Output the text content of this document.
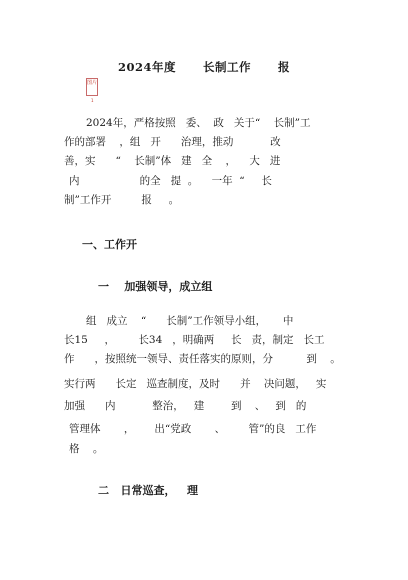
2024年度      长制工作      报
图片
1
2024年，严格按照   委、  政   关于“    长制”工
作的部署    ，组   开      治理，推动           改
善，实      “    长制”体   建   全    ，    大   进
内                  的全   提  。    一年  “     长
制”工作开         报     。
一、工作开
一    加强领导，成立组
组   成立    “      长制”工作领导小组，     中
长15     ，       长34   ，明确两     长   责，制定   长工
作      ，按照统一领导、责任落实的原则，分          到    。
实行两      长定   巡查制度，及时      并    决问题，   实
加强      内           整治，   建        到    、   到   的
管理体       ，      出“党政       、       管”的良   工作
格    。
二   日常巡查，   理
